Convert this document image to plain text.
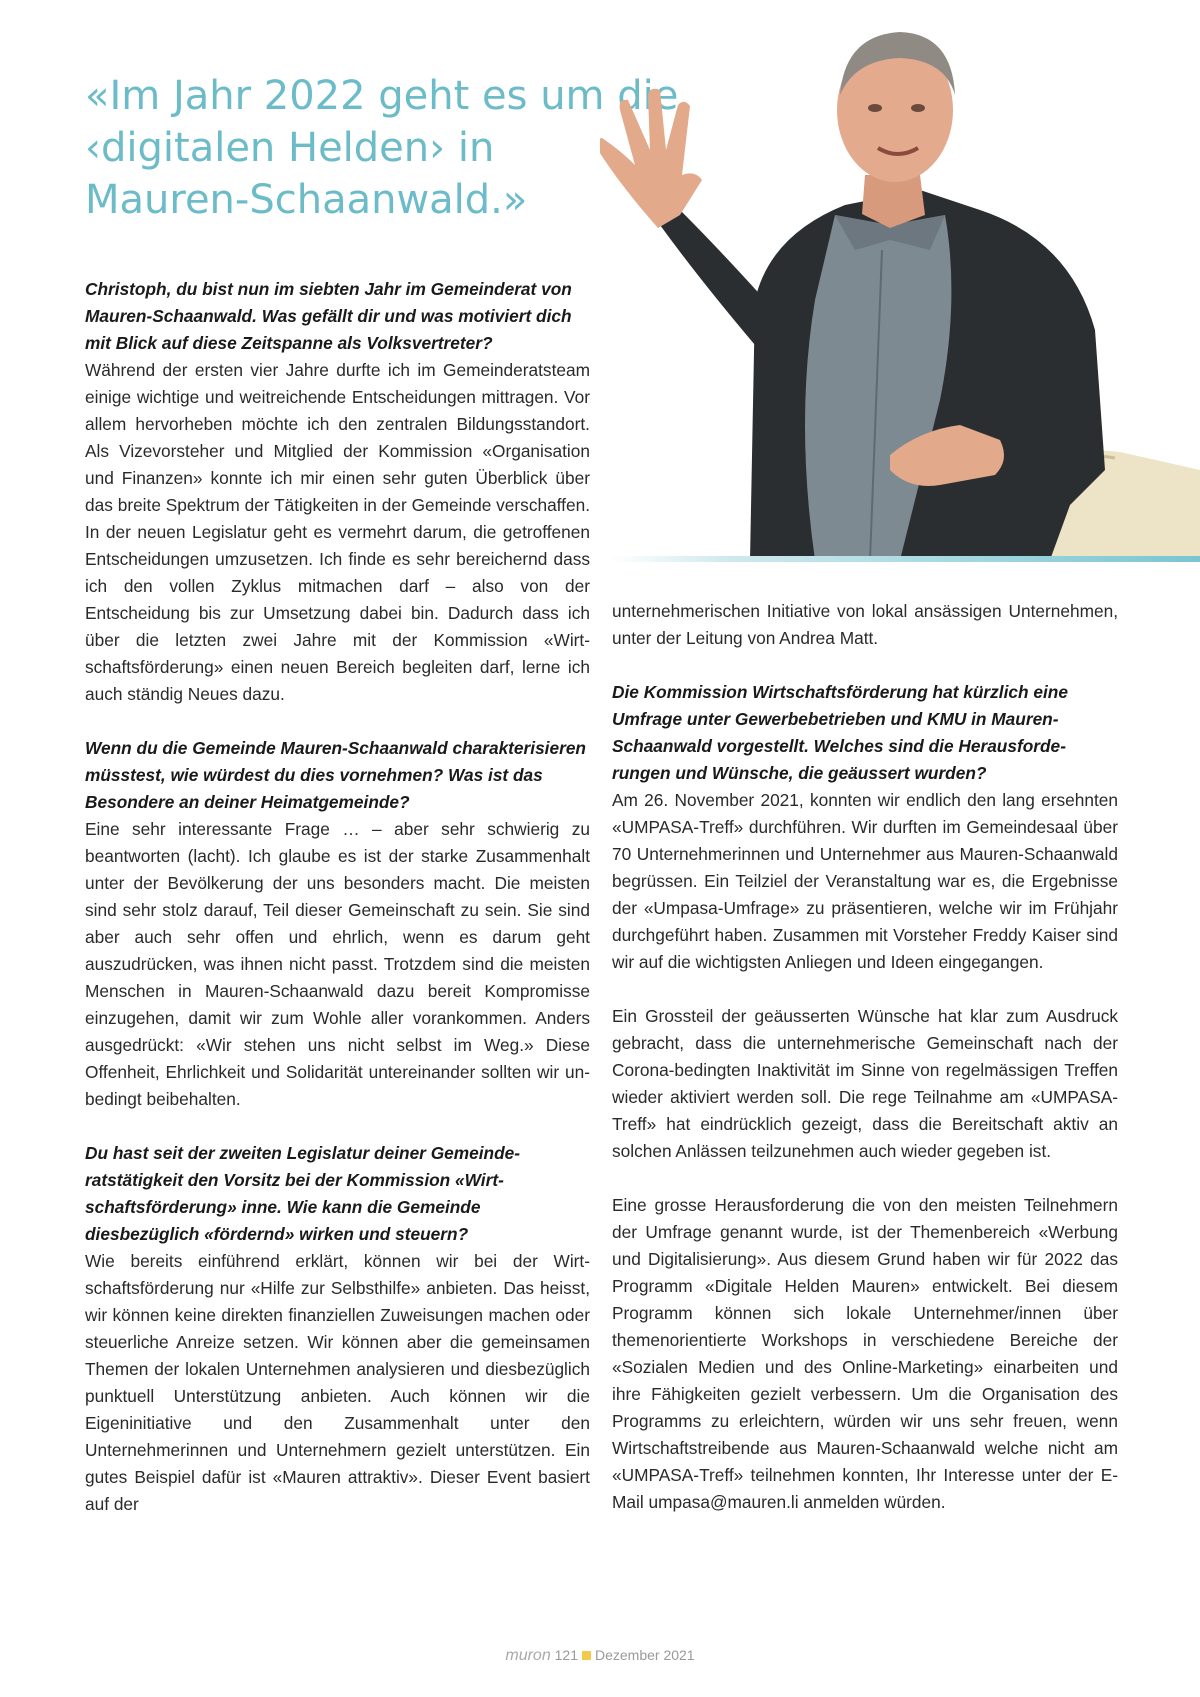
«Im Jahr 2022 geht es um die
‹digitalen Helden› in
Mauren-Schaanwald.»

Christoph, du bist nun im siebten Jahr im Gemeinderat von Mauren-Schaanwald. Was gefällt dir und was motiviert dich mit Blick auf diese Zeitspanne als Volksvertreter?

Während der ersten vier Jahre durfte ich im Gemeinderatsteam einige wichtige und weitreichende Entscheidungen mittragen. Vor allem hervorheben möchte ich den zentralen Bildungsstandort. Als Vizevorsteher und Mitglied der Kommission «Organisation und Finanzen» konnte ich mir einen sehr guten Überblick über das breite Spektrum der Tätigkeiten in der Gemeinde verschaffen. In der neuen Legislatur geht es vermehrt darum, die getroffenen Entscheidungen umzusetzen. Ich finde es sehr bereichernd dass ich den vollen Zyklus mitmachen darf – also von der Entscheidung bis zur Umsetzung dabei bin. Dadurch dass ich über die letzten zwei Jahre mit der Kommission «Wirtschaftsförderung» einen neuen Bereich begleiten darf, lerne ich auch ständig Neues dazu.

Wenn du die Gemeinde Mauren-Schaanwald charakterisieren müsstest, wie würdest du dies vornehmen? Was ist das Besondere an deiner Heimatgemeinde?

Eine sehr interessante Frage … – aber sehr schwierig zu beantworten (lacht). Ich glaube es ist der starke Zusammenhalt unter der Bevölkerung der uns besonders macht. Die meisten sind sehr stolz darauf, Teil dieser Gemeinschaft zu sein. Sie sind aber auch sehr offen und ehrlich, wenn es darum geht auszudrücken, was ihnen nicht passt. Trotzdem sind die meisten Menschen in Mauren-Schaanwald dazu bereit Kompromisse einzugehen, damit wir zum Wohle aller vorankommen. Anders ausgedrückt: «Wir stehen uns nicht selbst im Weg.» Diese Offenheit, Ehrlichkeit und Solidarität untereinander sollten wir unbedingt beibehalten.

Du hast seit der zweiten Legislatur deiner Gemeinderatstätigkeit den Vorsitz bei der Kommission «Wirtschaftsförderung» inne. Wie kann die Gemeinde diesbezüglich «fördernd» wirken und steuern?

Wie bereits einführend erklärt, können wir bei der Wirtschaftsförderung nur «Hilfe zur Selbsthilfe» anbieten. Das heisst, wir können keine direkten finanziellen Zuweisungen machen oder steuerliche Anreize setzen. Wir können aber die gemeinsamen Themen der lokalen Unternehmen analysieren und diesbezüglich punktuell Unterstützung anbieten. Auch können wir die Eigeninitiative und den Zusammenhalt unter den Unternehmerinnen und Unternehmern gezielt unterstützen. Ein gutes Beispiel dafür ist «Mauren attraktiv». Dieser Event basiert auf der

unternehmerischen Initiative von lokal ansässigen Unternehmen, unter der Leitung von Andrea Matt.

Die Kommission Wirtschaftsförderung hat kürzlich eine Umfrage unter Gewerbebetrieben und KMU in Mauren-Schaanwald vorgestellt. Welches sind die Herausforderungen und Wünsche, die geäussert wurden?

Am 26. November 2021, konnten wir endlich den lang ersehnten «UMPASA-Treff» durchführen. Wir durften im Gemeindesaal über 70 Unternehmerinnen und Unternehmer aus Mauren-Schaanwald begrüssen. Ein Teilziel der Veranstaltung war es, die Ergebnisse der «Umpasa-Umfrage» zu präsentieren, welche wir im Frühjahr durchgeführt haben. Zusammen mit Vorsteher Freddy Kaiser sind wir auf die wichtigsten Anliegen und Ideen eingegangen.

Ein Grossteil der geäusserten Wünsche hat klar zum Ausdruck gebracht, dass die unternehmerische Gemeinschaft nach der Corona-bedingten Inaktivität im Sinne von regelmässigen Treffen wieder aktiviert werden soll. Die rege Teilnahme am «UMPASA-Treff» hat eindrücklich gezeigt, dass die Bereitschaft aktiv an solchen Anlässen teilzunehmen auch wieder gegeben ist.

Eine grosse Herausforderung die von den meisten Teilnehmern der Umfrage genannt wurde, ist der Themenbereich «Werbung und Digitalisierung». Aus diesem Grund haben wir für 2022 das Programm «Digitale Helden Mauren» entwickelt. Bei diesem Programm können sich lokale Unternehmer/innen über themenorientierte Workshops in verschiedene Bereiche der «Sozialen Medien und des Online-Marketing» einarbeiten und ihre Fähigkeiten gezielt verbessern. Um die Organisation des Programms zu erleichtern, würden wir uns sehr freuen, wenn Wirtschaftstreibende aus Mauren-Schaanwald welche nicht am «UMPASA-Treff» teilnehmen konnten, Ihr Interesse unter der E-Mail umpasa@mauren.li anmelden würden.

muron 121 Dezember 2021
